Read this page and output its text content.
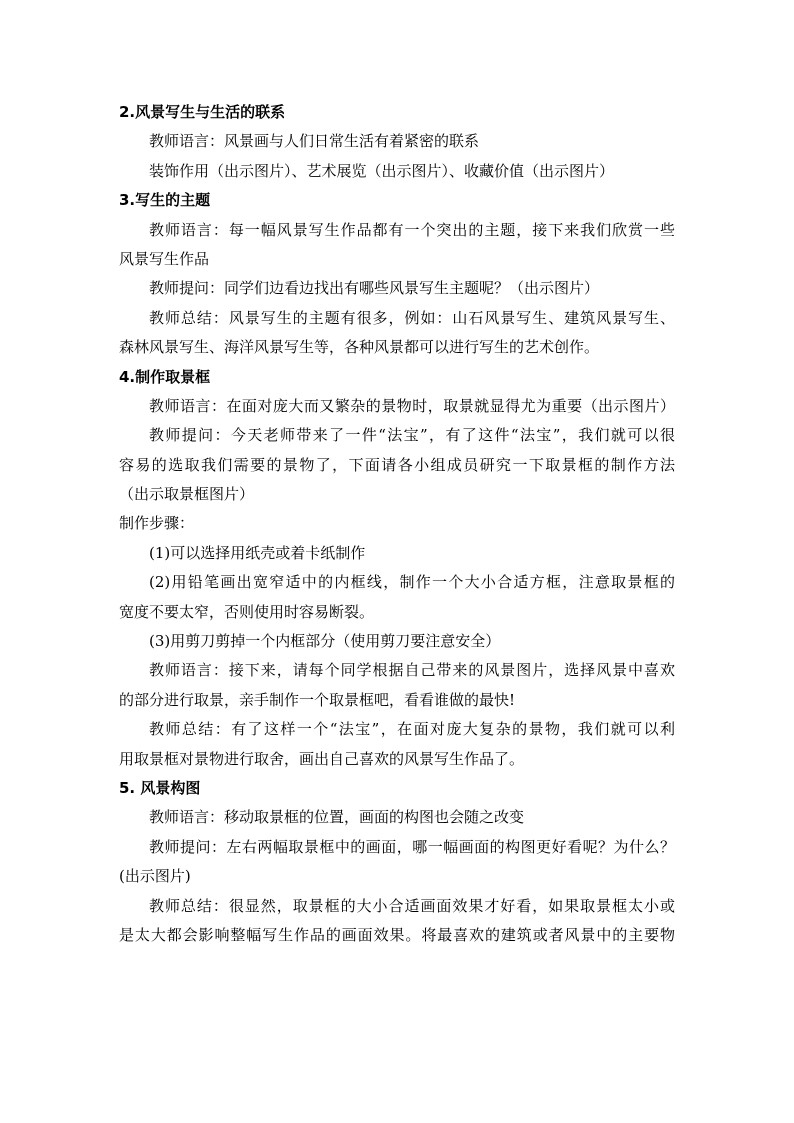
2.风景写生与生活的联系
教师语言：风景画与人们日常生活有着紧密的联系
装饰作用（出示图片）、艺术展览（出示图片）、收藏价值（出示图片）
3.写生的主题
教师语言：每一幅风景写生作品都有一个突出的主题，接下来我们欣赏一些
风景写生作品
教师提问：同学们边看边找出有哪些风景写生主题呢？（出示图片）
教师总结：风景写生的主题有很多，例如：山石风景写生、建筑风景写生、
森林风景写生、海洋风景写生等，各种风景都可以进行写生的艺术创作。
4.制作取景框
教师语言：在面对庞大而又繁杂的景物时，取景就显得尤为重要（出示图片）
教师提问：今天老师带来了一件“法宝”，有了这件“法宝”，我们就可以很
容易的选取我们需要的景物了，下面请各小组成员研究一下取景框的制作方法
（出示取景框图片）
制作步骤：
(1)可以选择用纸壳或着卡纸制作
(2)用铅笔画出宽窄适中的内框线，制作一个大小合适方框，注意取景框的
宽度不要太窄，否则使用时容易断裂。
(3)用剪刀剪掉一个内框部分（使用剪刀要注意安全）
教师语言：接下来，请每个同学根据自己带来的风景图片，选择风景中喜欢
的部分进行取景，亲手制作一个取景框吧，看看谁做的最快!
教师总结：有了这样一个“法宝”，在面对庞大复杂的景物，我们就可以利
用取景框对景物进行取舍，画出自己喜欢的风景写生作品了。
5. 风景构图
教师语言：移动取景框的位置，画面的构图也会随之改变
教师提问：左右两幅取景框中的画面，哪一幅画面的构图更好看呢？为什么？
(出示图片)
教师总结：很显然，取景框的大小合适画面效果才好看，如果取景框太小或
是太大都会影响整幅写生作品的画面效果。将最喜欢的建筑或者风景中的主要物
